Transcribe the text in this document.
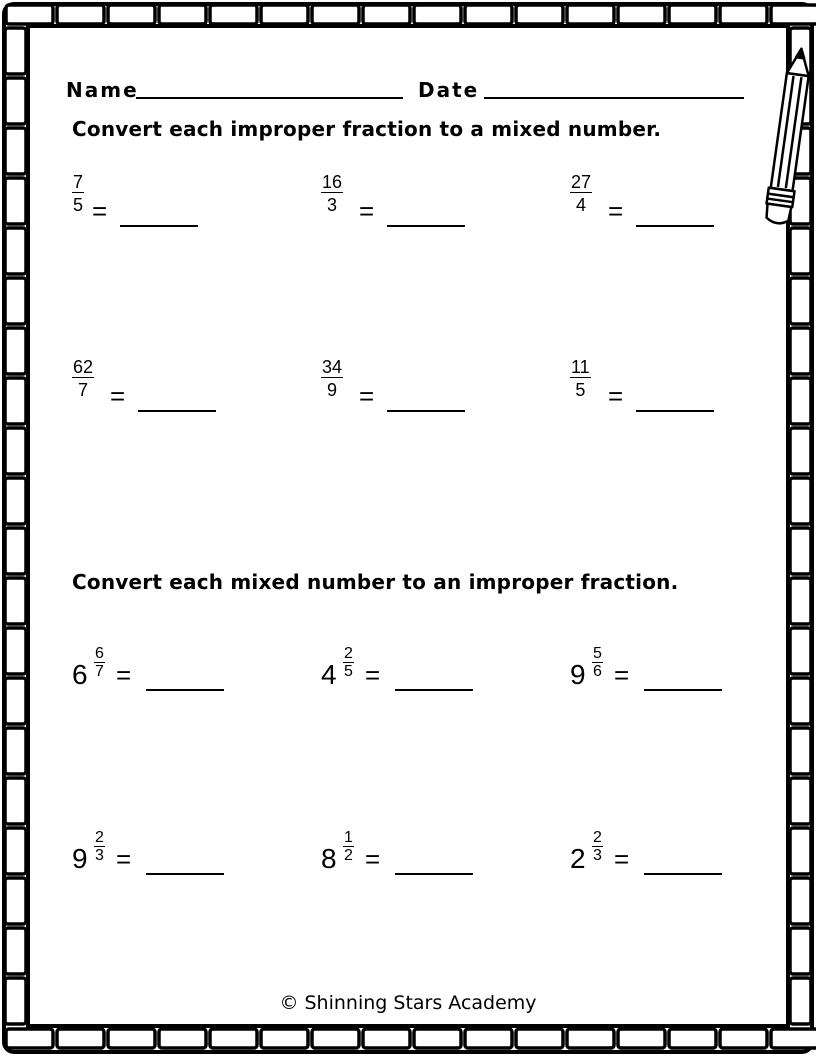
Name	Date
Convert each improper fraction to a mixed number.
$\frac{7}{5}$ =	$\frac{16}{3}$ =	$\frac{27}{4}$ =
$\frac{62}{7}$ =	$\frac{34}{9}$ =	$\frac{11}{5}$ =
Convert each mixed number to an improper fraction.
$6 \frac{6}{7}$ =	$4 \frac{2}{5}$ =	$9 \frac{5}{6}$ =
$9 \frac{2}{3}$ =	$8 \frac{1}{2}$ =	$2 \frac{2}{3}$ =
© Shinning Stars Academy
